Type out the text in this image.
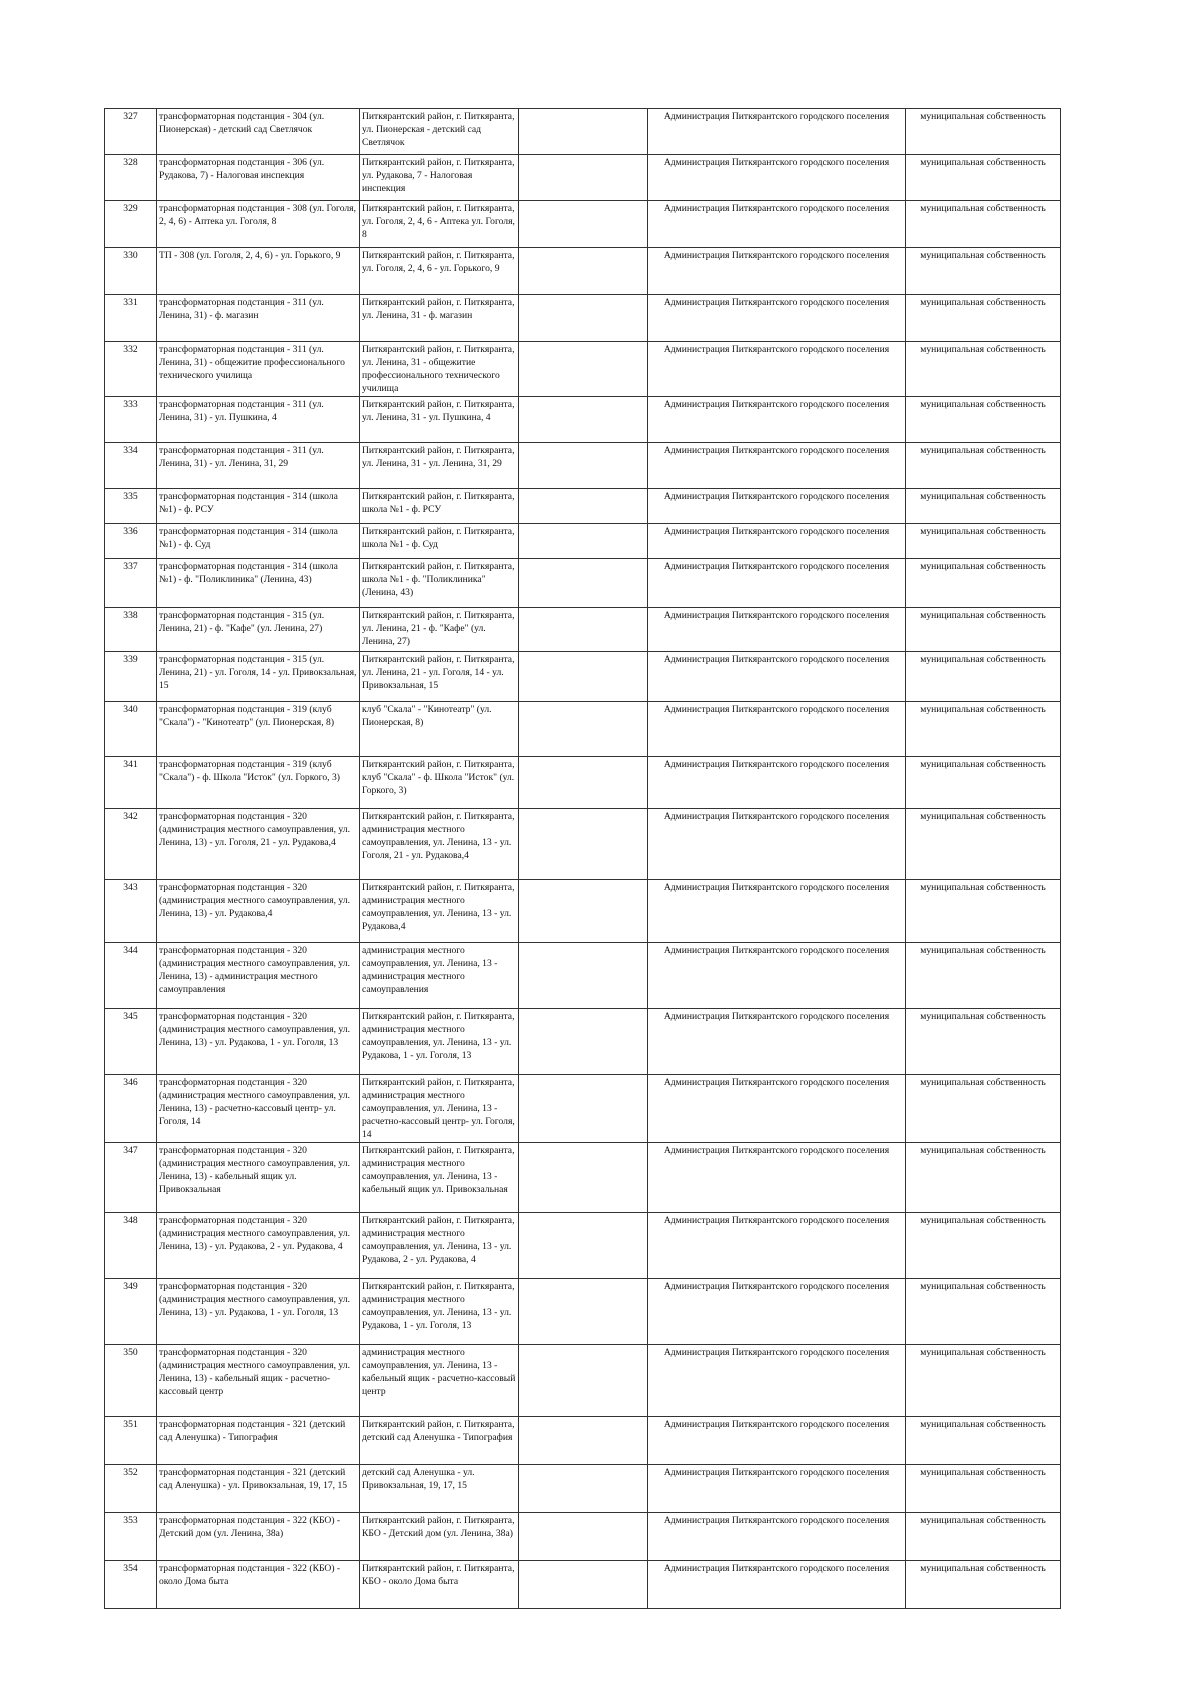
327	трансформаторная подстанция - 304 (ул. Пионерская) - детский сад Светлячок	Питкярантский район, г. Питкяранта, ул. Пионерская - детский сад Светлячок		Администрация Питкярантского городского поселения	муниципальная собственность
328	трансформаторная подстанция - 306 (ул. Рудакова, 7) - Налоговая инспекция	Питкярантский район, г. Питкяранта, ул. Рудакова, 7 - Налоговая инспекция		Администрация Питкярантского городского поселения	муниципальная собственность
329	трансформаторная подстанция - 308 (ул. Гоголя, 2, 4, 6) - Аптека ул. Гоголя, 8	Питкярантский район, г. Питкяранта, ул. Гоголя, 2, 4, 6 - Аптека ул. Гоголя, 8		Администрация Питкярантского городского поселения	муниципальная собственность
330	ТП - 308 (ул. Гоголя, 2, 4, 6) - ул. Горького, 9	Питкярантский район, г. Питкяранта, ул. Гоголя, 2, 4, 6 - ул. Горького, 9		Администрация Питкярантского городского поселения	муниципальная собственность
331	трансформаторная подстанция - 311 (ул. Ленина, 31) - ф. магазин	Питкярантский район, г. Питкяранта, ул. Ленина, 31 - ф. магазин		Администрация Питкярантского городского поселения	муниципальная собственность
332	трансформаторная подстанция - 311 (ул. Ленина, 31) - общежитие профессионального технического училища	Питкярантский район, г. Питкяранта, ул. Ленина, 31 - общежитие профессионального технического училища		Администрация Питкярантского городского поселения	муниципальная собственность
333	трансформаторная подстанция - 311 (ул. Ленина, 31) - ул. Пушкина, 4	Питкярантский район, г. Питкяранта, ул. Ленина, 31 - ул. Пушкина, 4		Администрация Питкярантского городского поселения	муниципальная собственность
334	трансформаторная подстанция - 311 (ул. Ленина, 31) - ул. Ленина, 31, 29	Питкярантский район, г. Питкяранта, ул. Ленина, 31 - ул. Ленина, 31, 29		Администрация Питкярантского городского поселения	муниципальная собственность
335	трансформаторная подстанция - 314 (школа №1) - ф. РСУ	Питкярантский район, г. Питкяранта, школа №1 - ф. РСУ		Администрация Питкярантского городского поселения	муниципальная собственность
336	трансформаторная подстанция - 314 (школа №1) - ф. Суд	Питкярантский район, г. Питкяранта, школа №1 - ф. Суд		Администрация Питкярантского городского поселения	муниципальная собственность
337	трансформаторная подстанция - 314 (школа №1) - ф. "Поликлиника" (Ленина, 43)	Питкярантский район, г. Питкяранта, школа №1 - ф. "Поликлиника" (Ленина, 43)		Администрация Питкярантского городского поселения	муниципальная собственность
338	трансформаторная подстанция - 315 (ул. Ленина, 21) - ф. "Кафе" (ул. Ленина, 27)	Питкярантский район, г. Питкяранта, ул. Ленина, 21 - ф. "Кафе" (ул. Ленина, 27)		Администрация Питкярантского городского поселения	муниципальная собственность
339	трансформаторная подстанция - 315 (ул. Ленина, 21) - ул. Гоголя, 14 - ул. Привокзальная, 15	Питкярантский район, г. Питкяранта, ул. Ленина, 21 - ул. Гоголя, 14 - ул. Привокзальная, 15		Администрация Питкярантского городского поселения	муниципальная собственность
340	трансформаторная подстанция - 319 (клуб "Скала") - "Кинотеатр" (ул. Пионерская, 8)	клуб "Скала" - "Кинотеатр" (ул. Пионерская, 8)		Администрация Питкярантского городского поселения	муниципальная собственность
341	трансформаторная подстанция - 319 (клуб "Скала") - ф. Школа "Исток" (ул. Горкого, 3)	Питкярантский район, г. Питкяранта, клуб "Скала" - ф. Школа "Исток" (ул. Горкого, 3)		Администрация Питкярантского городского поселения	муниципальная собственность
342	трансформаторная подстанция - 320 (администрация местного самоуправления, ул. Ленина, 13) - ул. Гоголя, 21 - ул. Рудакова,4	Питкярантский район, г. Питкяранта, администрация местного самоуправления, ул. Ленина, 13 - ул. Гоголя, 21 - ул. Рудакова,4		Администрация Питкярантского городского поселения	муниципальная собственность
343	трансформаторная подстанция - 320 (администрация местного самоуправления, ул. Ленина, 13) - ул. Рудакова,4	Питкярантский район, г. Питкяранта, администрация местного самоуправления, ул. Ленина, 13 - ул. Рудакова,4		Администрация Питкярантского городского поселения	муниципальная собственность
344	трансформаторная подстанция - 320 (администрация местного самоуправления, ул. Ленина, 13) - администрация местного самоуправления	администрация местного самоуправления, ул. Ленина, 13 - администрация местного самоуправления		Администрация Питкярантского городского поселения	муниципальная собственность
345	трансформаторная подстанция - 320 (администрация местного самоуправления, ул. Ленина, 13) - ул. Рудакова, 1 - ул. Гоголя, 13	Питкярантский район, г. Питкяранта, администрация местного самоуправления, ул. Ленина, 13 - ул. Рудакова, 1 - ул. Гоголя, 13		Администрация Питкярантского городского поселения	муниципальная собственность
346	трансформаторная подстанция - 320 (администрация местного самоуправления, ул. Ленина, 13) - расчетно-кассовый центр- ул. Гоголя, 14	Питкярантский район, г. Питкяранта, администрация местного самоуправления, ул. Ленина, 13 - расчетно-кассовый центр- ул. Гоголя, 14		Администрация Питкярантского городского поселения	муниципальная собственность
347	трансформаторная подстанция - 320 (администрация местного самоуправления, ул. Ленина, 13) - кабельный ящик ул. Привокзальная	Питкярантский район, г. Питкяранта, администрация местного самоуправления, ул. Ленина, 13 - кабельный ящик ул. Привокзальная		Администрация Питкярантского городского поселения	муниципальная собственность
348	трансформаторная подстанция - 320 (администрация местного самоуправления, ул. Ленина, 13) - ул. Рудакова, 2 - ул. Рудакова, 4	Питкярантский район, г. Питкяранта, администрация местного самоуправления, ул. Ленина, 13 - ул. Рудакова, 2 - ул. Рудакова, 4		Администрация Питкярантского городского поселения	муниципальная собственность
349	трансформаторная подстанция - 320 (администрация местного самоуправления, ул. Ленина, 13) - ул. Рудакова, 1 - ул. Гоголя, 13	Питкярантский район, г. Питкяранта, администрация местного самоуправления, ул. Ленина, 13 - ул. Рудакова, 1 - ул. Гоголя, 13		Администрация Питкярантского городского поселения	муниципальная собственность
350	трансформаторная подстанция - 320 (администрация местного самоуправления, ул. Ленина, 13) - кабельный ящик - расчетно-кассовый центр	администрация местного самоуправления, ул. Ленина, 13 - кабельный ящик - расчетно-кассовый центр		Администрация Питкярантского городского поселения	муниципальная собственность
351	трансформаторная подстанция - 321 (детский сад Аленушка) - Типография	Питкярантский район, г. Питкяранта, детский сад Аленушка - Типография		Администрация Питкярантского городского поселения	муниципальная собственность
352	трансформаторная подстанция - 321 (детский сад Аленушка) - ул. Привокзальная, 19, 17, 15	детский сад Аленушка - ул. Привокзальная, 19, 17, 15		Администрация Питкярантского городского поселения	муниципальная собственность
353	трансформаторная подстанция - 322 (КБО) - Детский дом (ул. Ленина, 38а)	Питкярантский район, г. Питкяранта, КБО - Детский дом (ул. Ленина, 38а)		Администрация Питкярантского городского поселения	муниципальная собственность
354	трансформаторная подстанция - 322 (КБО) - около Дома быта	Питкярантский район, г. Питкяранта, КБО - около Дома быта		Администрация Питкярантского городского поселения	муниципальная собственность
